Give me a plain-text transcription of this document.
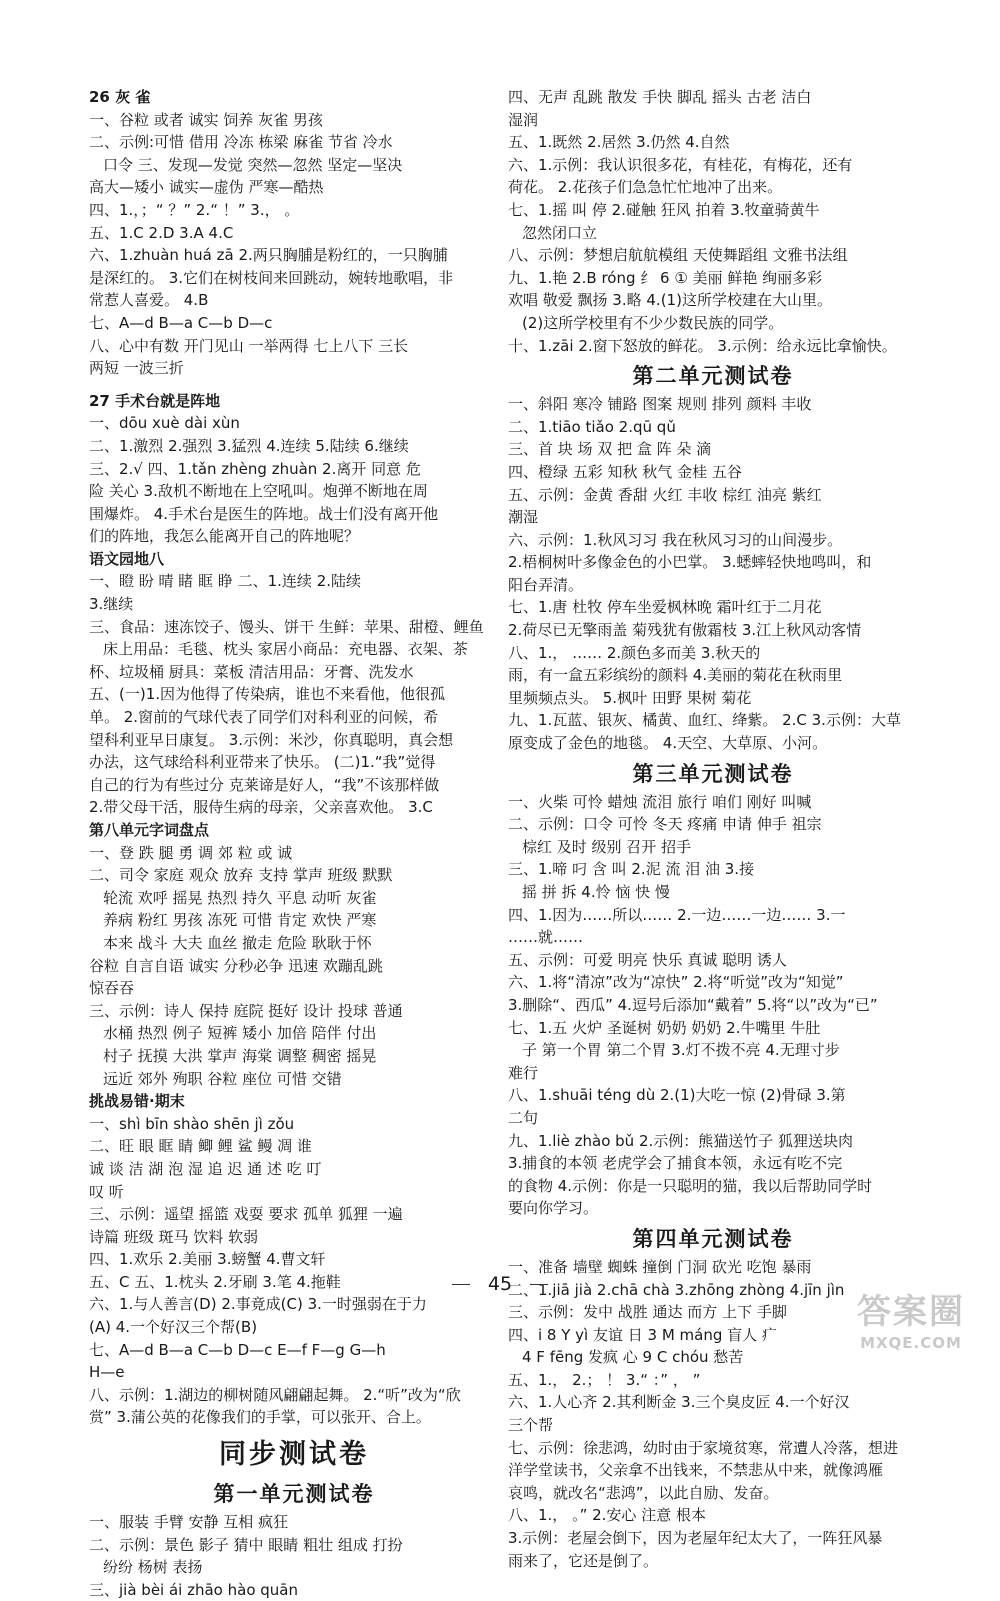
26 灰 雀
一、谷粒 或者 诚实 饲养 灰雀 男孩
二、示例:可惜 借用 冷冻 栋梁 麻雀 节省 冷水
口令 三、发现—发觉 突然—忽然 坚定—坚决
高大—矮小 诚实—虚伪 严寒—酷热
四、1.，；“ ？” 2.“ ！” 3.， 。
五、1.C 2.D 3.A 4.C
六、1.zhuàn huá zā 2.两只胸脯是粉红的，一只胸脯
是深红的。 3.它们在树枝间来回跳动，婉转地歌唱，非
常惹人喜爱。 4.B
七、A—d B—a C—b D—c
八、心中有数 开门见山 一举两得 七上八下 三长
两短 一波三折
27 手术台就是阵地
一、dōu xuè dài xùn
二、1.激烈 2.强烈 3.猛烈 4.连续 5.陆续 6.继续
三、2.√ 四、1.tǎn zhèng zhuàn 2.离开 同意 危
险 关心 3.敌机不断地在上空吼叫。炮弹不断地在周
围爆炸。 4.手术台是医生的阵地。战士们没有离开他
们的阵地，我怎么能离开自己的阵地呢？
语文园地八
一、瞪 盼 晴 睹 眶 睁 二、1.连续 2.陆续
3.继续
三、食品：速冻饺子、馒头、饼干 生鲜：苹果、甜橙、鲤鱼
床上用品：毛毯、枕头 家居小商品：充电器、衣架、茶
杯、垃圾桶 厨具：菜板 清洁用品：牙膏、洗发水
五、(一)1.因为他得了传染病，谁也不来看他，他很孤
单。 2.窗前的气球代表了同学们对科利亚的问候，希
望科利亚早日康复。 3.示例：米沙，你真聪明，真会想
办法，这气球给科利亚带来了快乐。 (二)1.“我”觉得
自己的行为有些过分 克莱谛是好人，“我”不该那样做
2.带父母干活，服侍生病的母亲，父亲喜欢他。 3.C
第八单元字词盘点
一、登 跌 腿 勇 调 郊 粒 或 诚
二、司令 家庭 观众 放弃 支持 掌声 班级 默默
轮流 欢呼 摇晃 热烈 持久 平息 动听 灰雀
养病 粉红 男孩 冻死 可惜 肯定 欢快 严寒
本来 战斗 大夫 血丝 撤走 危险 耿耿于怀
谷粒 自言自语 诚实 分秒必争 迅速 欢蹦乱跳
惊吞吞
三、示例：诗人 保持 庭院 挺好 设计 投球 普通
水桶 热烈 例子 短裤 矮小 加倍 陪伴 付出
村子 抚摸 大洪 掌声 海棠 调整 稠密 摇晃
远近 郊外 殉职 谷粒 座位 可惜 交错
挑战易错·期末
一、shì bīn shào shēn jì zǒu
二、旺 眼 眶 睛 鲫 鲤 鲨 鳗 凋 谁
诚 谈 洁 湖 泡 湿 追 迟 通 述 吃 叮
叹 听
三、示例：遥望 摇篮 戏耍 要求 孤单 狐狸 一遍
诗篇 班级 斑马 饮料 软弱
四、1.欢乐 2.美丽 3.螃蟹 4.曹文轩
五、C 五、1.枕头 2.牙刷 3.笔 4.拖鞋
六、1.与人善言(D) 2.事竟成(C) 3.一时强弱在于力
(A) 4.一个好汉三个帮(B)
七、A—d B—a C—b D—c E—f F—g G—h
H—e
八、示例：1.湖边的柳树随风翩翩起舞。 2.“听”改为“欣
赏” 3.蒲公英的花像我们的手掌，可以张开、合上。
同步测试卷
第一单元测试卷
一、服装 手臂 安静 互相 疯狂
二、示例：景色 影子 猜中 眼睛 粗壮 组成 打扮
纷纷 杨树 表扬
三、jià bèi ái zhāo hào quān
四、无声 乱跳 散发 手快 脚乱 摇头 古老 洁白
湿润
五、1.既然 2.居然 3.仍然 4.自然
六、1.示例：我认识很多花，有桂花，有梅花，还有
荷花。 2.花孩子们急急忙忙地冲了出来。
七、1.摇 叫 停 2.碰触 狂风 拍着 3.牧童骑黄牛
忽然闭口立
八、示例：梦想启航航模组 天使舞蹈组 文雅书法组
九、1.艳 2.B róng 纟 6 ① 美丽 鲜艳 绚丽多彩
欢唱 敬爱 飘扬 3.略 4.(1)这所学校建在大山里。
(2)这所学校里有不少少数民族的同学。
十、1.zāi 2.窗下怒放的鲜花。 3.示例：给永远比拿愉快。
第二单元测试卷
一、斜阳 寒冷 铺路 图案 规则 排列 颜料 丰收
二、1.tiāo tiǎo 2.qū qǔ
三、首 块 场 双 把 盒 阵 朵 滴
四、橙绿 五彩 知秋 秋气 金桂 五谷
五、示例：金黄 香甜 火红 丰收 棕红 油亮 紫红
潮湿
六、示例：1.秋风习习 我在秋风习习的山间漫步。
2.梧桐树叶多像金色的小巴掌。 3.蟋蟀轻快地鸣叫，和
阳台弄清。
七、1.唐 杜牧 停车坐爱枫林晚 霜叶红于二月花
2.荷尽已无擎雨盖 菊残犹有傲霜枝 3.江上秋风动客情
八、1.， …… 2.颜色多而美 3.秋天的
雨，有一盒五彩缤纷的颜料 4.美丽的菊花在秋雨里
里频频点头。 5.枫叶 田野 果树 菊花
九、1.瓦蓝、银灰、橘黄、血红、绛紫。 2.C 3.示例：大草
原变成了金色的地毯。 4.天空、大草原、小河。
第三单元测试卷
一、火柴 可怜 蜡烛 流泪 旅行 咱们 刚好 叫喊
二、示例：口令 可怜 冬天 疼痛 申请 伸手 祖宗
棕红 及时 级别 召开 招手
三、1.啼 叼 含 叫 2.泥 流 泪 油 3.接
摇 拼 拆 4.怜 恼 快 慢
四、1.因为……所以…… 2.一边……一边…… 3.一
……就……
五、示例：可爱 明亮 快乐 真诚 聪明 诱人
六、1.将“清凉”改为“凉快” 2.将“听觉”改为“知觉”
3.删除“、西瓜” 4.逗号后添加“戴着” 5.将“以”改为“已”
七、1.五 火炉 圣诞树 奶奶 奶奶 2.牛嘴里 牛肚
子 第一个胃 第二个胃 3.灯不拨不亮 4.无理寸步
难行
八、1.shuāi téng dù 2.(1)大吃一惊 (2)骨碌 3.第
二句
九、1.liè zhào bǔ 2.示例：熊猫送竹子 狐狸送块肉
3.捕食的本领 老虎学会了捕食本领，永远有吃不完
的食物 4.示例：你是一只聪明的猫，我以后帮助同学时
要向你学习。
第四单元测试卷
一、准备 墙壁 蜘蛛 撞倒 门洞 砍光 吃饱 暴雨
二、1.jiā jià 2.chā chà 3.zhōng zhòng 4.jīn jìn
三、示例：发中 战胜 通达 而方 上下 手脚
四、i 8 Y yì 友谊 日 3 M máng 盲人 疒
4 F fēng 发疯 心 9 C chóu 愁苦
五、1.， 2.； ！ 3.“ ：” ， ”
六、1.人心齐 2.其利断金 3.三个臭皮匠 4.一个好汉
三个帮
七、示例：徐悲鸿，幼时由于家境贫寒，常遭人冷落，想进
洋学堂读书，父亲拿不出钱来，不禁悲从中来，就像鸿雁
哀鸣，就改名“悲鸿”，以此自励、发奋。
八、1.， 。” 2.安心 注意 根本
3.示例：老屋会倒下，因为老屋年纪太大了，一阵狂风暴
雨来了，它还是倒了。
45
答案圈
MXQE.COM
